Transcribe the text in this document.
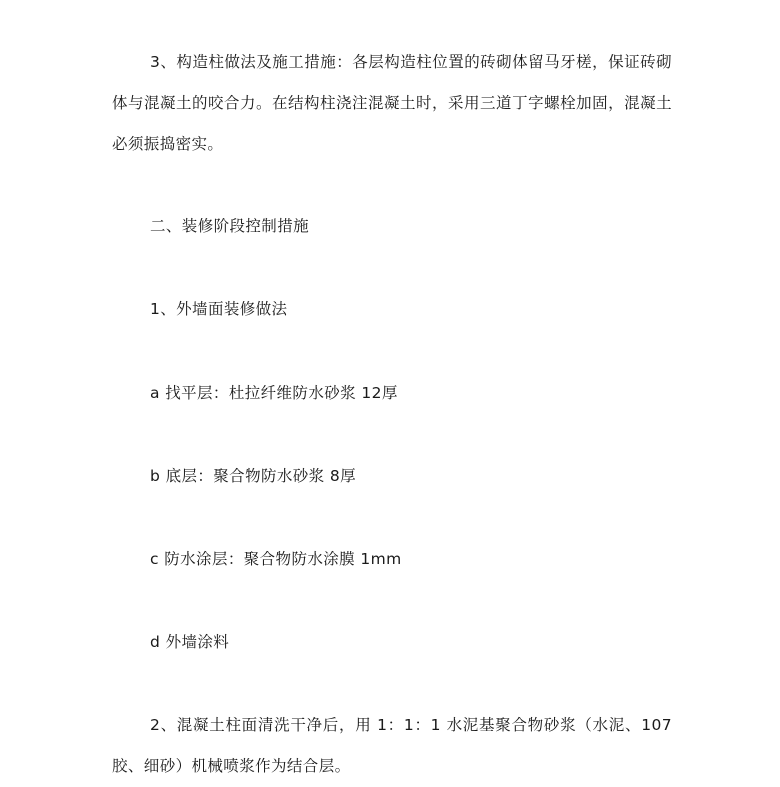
3、构造柱做法及施工措施：各层构造柱位置的砖砌体留马牙槎，保证砖砌体与混凝土的咬合力。在结构柱浇注混凝土时，采用三道丁字螺栓加固，混凝土必须振捣密实。

二、装修阶段控制措施

1、外墙面装修做法

a 找平层：杜拉纤维防水砂浆 12厚

b 底层：聚合物防水砂浆 8厚

c 防水涂层：聚合物防水涂膜 1mm

d 外墙涂料

2、混凝土柱面清洗干净后，用 1：1：1 水泥基聚合物砂浆（水泥、107胶、细砂）机械喷浆作为结合层。
